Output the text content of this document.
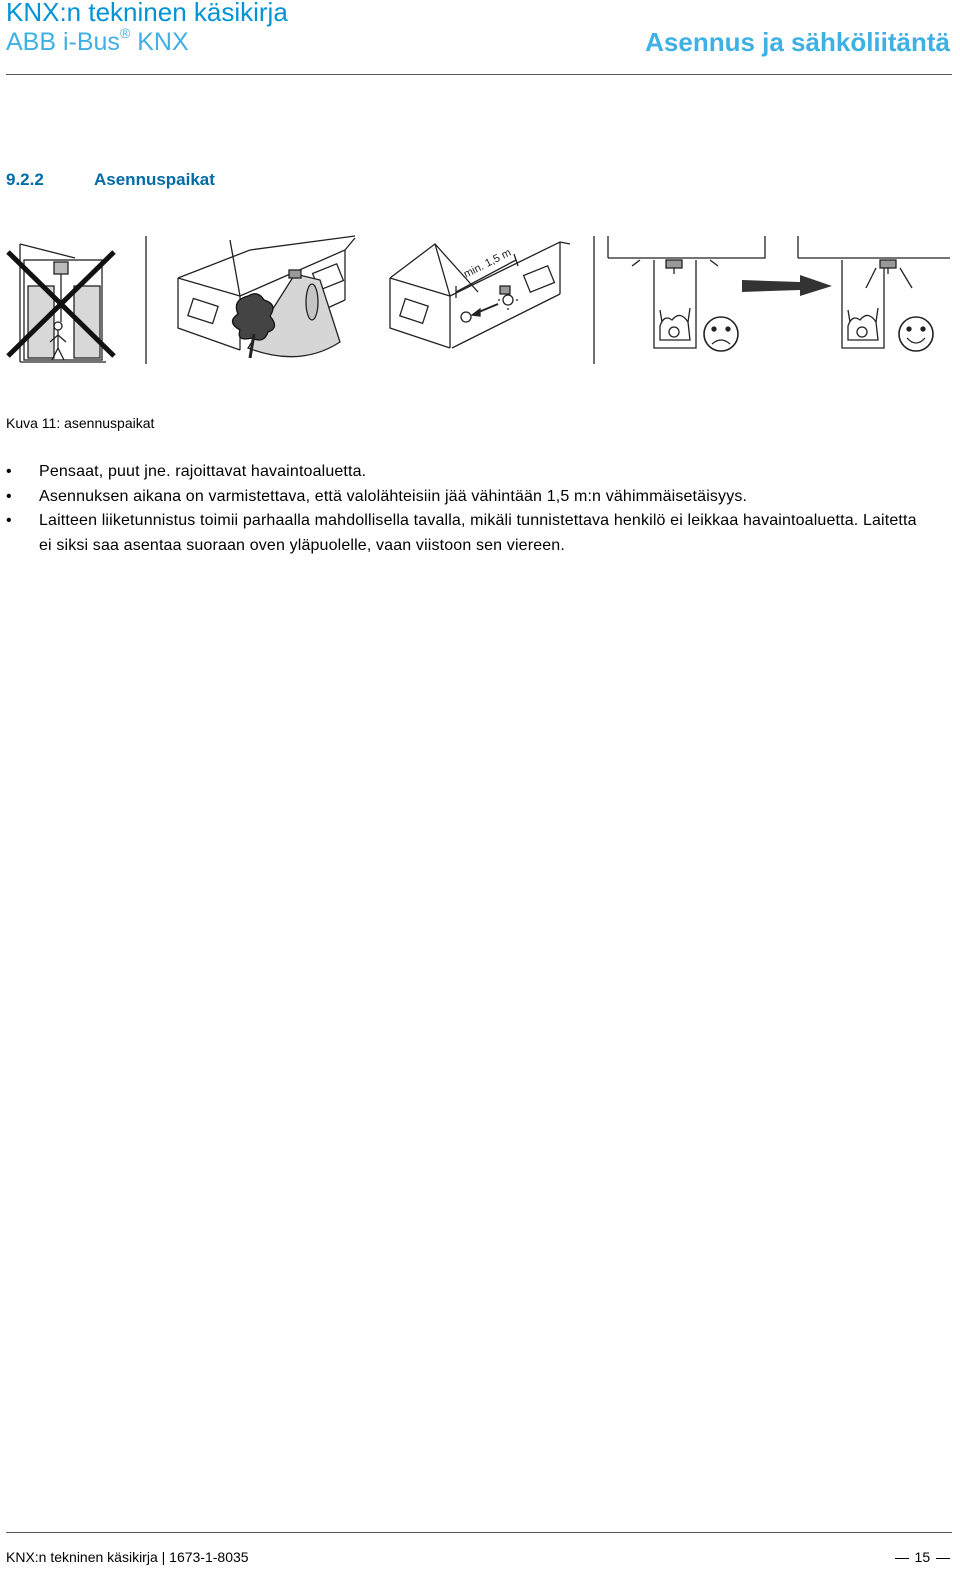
KNX:n tekninen käsikirja
ABB i-Bus® KNX	Asennus ja sähköliitäntä
9.2.2	Asennuspaikat
min. 1,5 m
Kuva 11: asennuspaikat
• Pensaat, puut jne. rajoittavat havaintoaluetta.
• Asennuksen aikana on varmistettava, että valolähteisiin jää vähintään 1,5 m:n vähimmäisetäisyys.
• Laitteen liiketunnistus toimii parhaalla mahdollisella tavalla, mikäli tunnistettava henkilö ei leikkaa havaintoaluetta. Laitetta ei siksi saa asentaa suoraan oven yläpuolelle, vaan viistoon sen viereen.
KNX:n tekninen käsikirja | 1673-1-8035	15
